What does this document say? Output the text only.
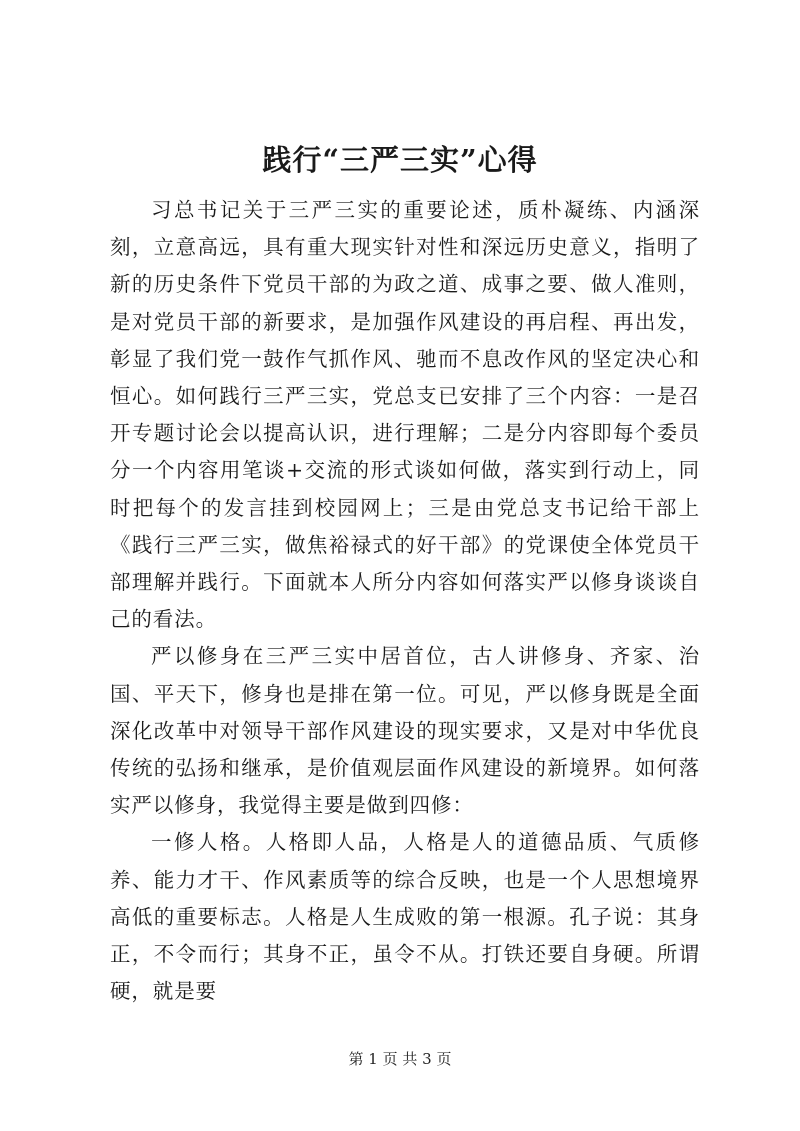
践行“三严三实”心得

习总书记关于三严三实的重要论述，质朴凝练、内涵深刻，立意高远，具有重大现实针对性和深远历史意义，指明了新的历史条件下党员干部的为政之道、成事之要、做人准则，是对党员干部的新要求，是加强作风建设的再启程、再出发，彰显了我们党一鼓作气抓作风、驰而不息改作风的坚定决心和恒心。如何践行三严三实，党总支已安排了三个内容：一是召开专题讨论会以提高认识，进行理解；二是分内容即每个委员分一个内容用笔谈+交流的形式谈如何做，落实到行动上，同时把每个的发言挂到校园网上；三是由党总支书记给干部上《践行三严三实，做焦裕禄式的好干部》的党课使全体党员干部理解并践行。下面就本人所分内容如何落实严以修身谈谈自己的看法。

严以修身在三严三实中居首位，古人讲修身、齐家、治国、平天下，修身也是排在第一位。可见，严以修身既是全面深化改革中对领导干部作风建设的现实要求，又是对中华优良传统的弘扬和继承，是价值观层面作风建设的新境界。如何落实严以修身，我觉得主要是做到四修：

一修人格。人格即人品，人格是人的道德品质、气质修养、能力才干、作风素质等的综合反映，也是一个人思想境界高低的重要标志。人格是人生成败的第一根源。孔子说：其身正，不令而行；其身不正，虽令不从。打铁还要自身硬。所谓硬，就是要

第 1 页 共 3 页
